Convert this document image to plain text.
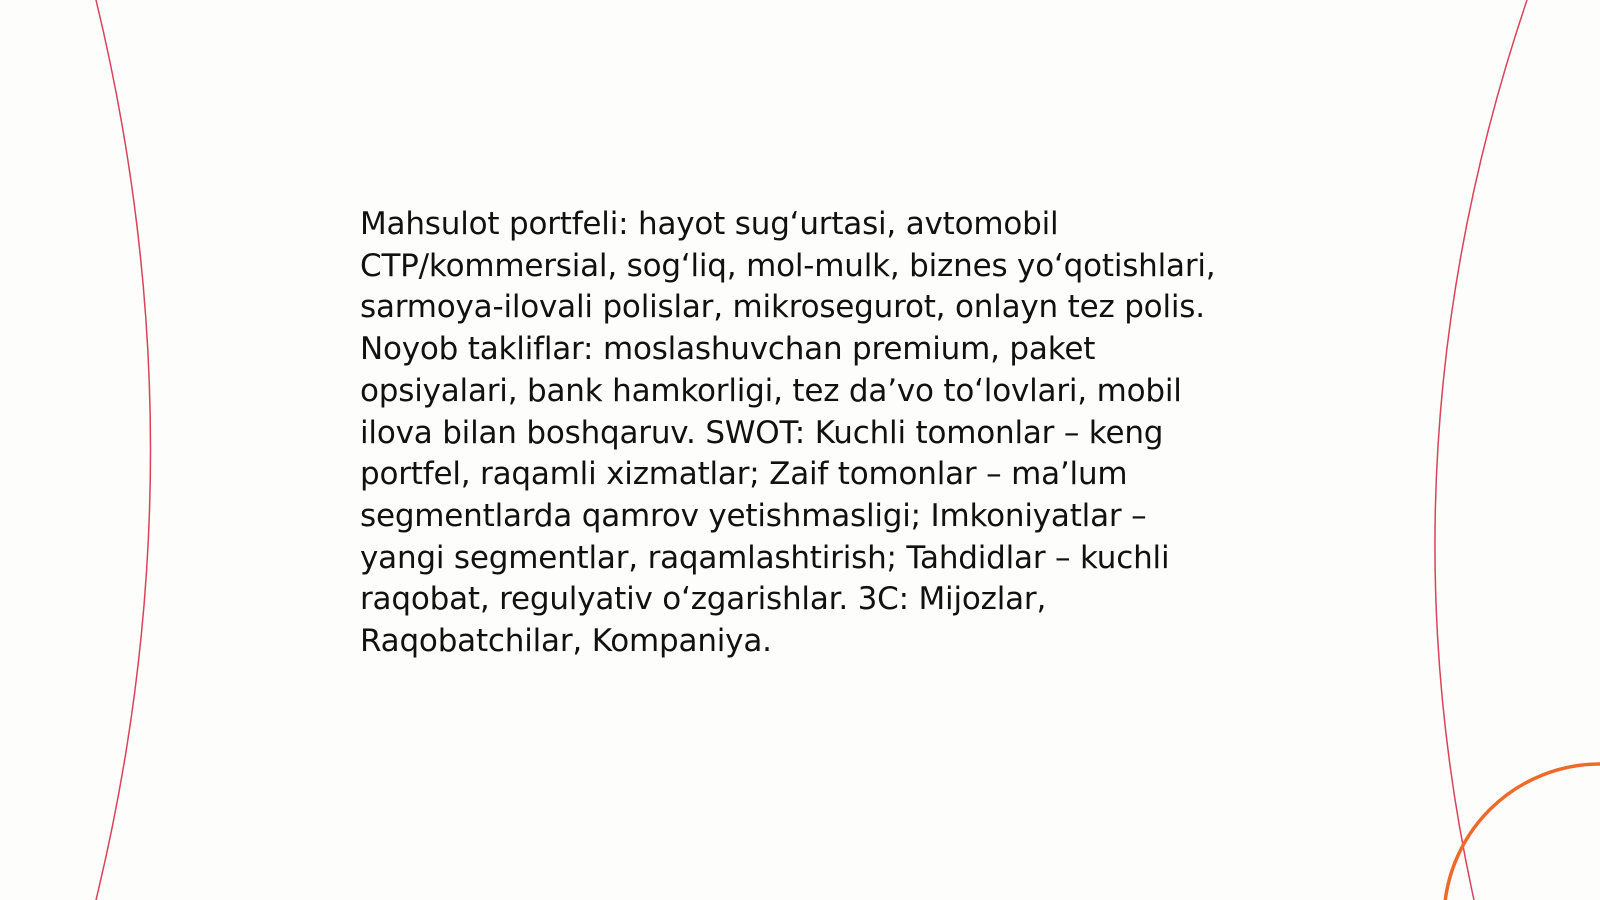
Mahsulot portfeli: hayot sug‘urtasi, avtomobil CTP/kommersial, sog‘liq, mol-mulk, biznes yo‘qotishlari, sarmoya-ilovali polislar, mikrosegurot, onlayn tez polis. Noyob takliflar: moslashuvchan premium, paket opsiyalari, bank hamkorligi, tez da’vo to‘lovlari, mobil ilova bilan boshqaruv. SWOT: Kuchli tomonlar – keng portfel, raqamli xizmatlar; Zaif tomonlar – ma’lum segmentlarda qamrov yetishmasligi; Imkoniyatlar – yangi segmentlar, raqamlashtirish; Tahdidlar – kuchli raqobat, regulyativ o‘zgarishlar. 3C: Mijozlar, Raqobatchilar, Kompaniya.
